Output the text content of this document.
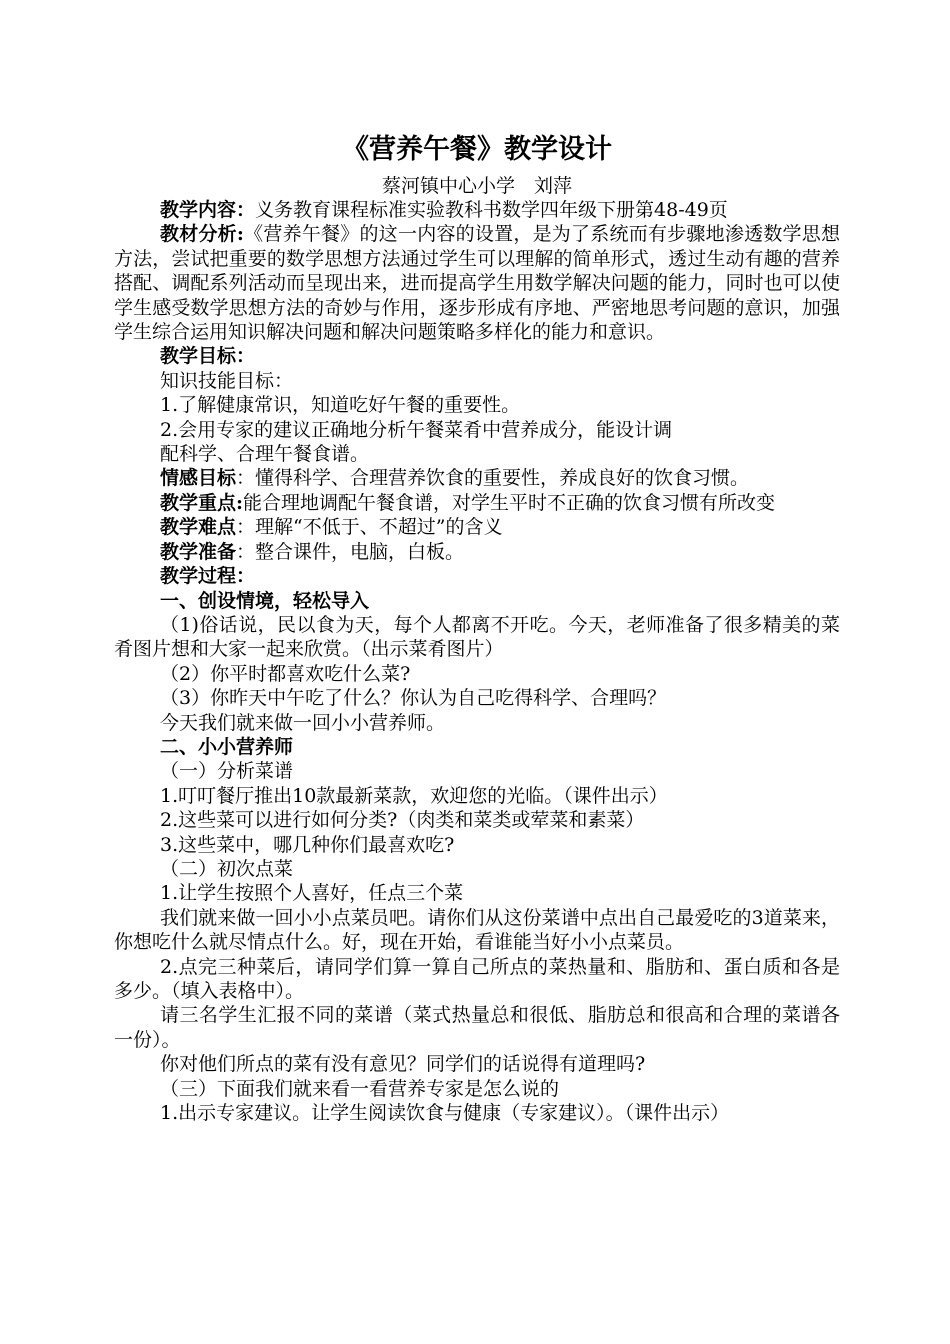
《营养午餐》教学设计
蔡河镇中心小学　刘萍

教学内容：义务教育课程标准实验教科书数学四年级下册第48-49页

教材分析:《营养午餐》的这一内容的设置，是为了系统而有步骤地渗透数学思想方法，尝试把重要的数学思想方法通过学生可以理解的简单形式，透过生动有趣的营养搭配、调配系列活动而呈现出来，进而提高学生用数学解决问题的能力，同时也可以使学生感受数学思想方法的奇妙与作用，逐步形成有序地、严密地思考问题的意识，加强学生综合运用知识解决问题和解决问题策略多样化的能力和意识。

教学目标：

知识技能目标：

1.了解健康常识，知道吃好午餐的重要性。

2.会用专家的建议正确地分析午餐菜肴中营养成分，能设计调

配科学、合理午餐食谱。

情感目标：懂得科学、合理营养饮食的重要性，养成良好的饮食习惯。

教学重点:能合理地调配午餐食谱，对学生平时不正确的饮食习惯有所改变

教学难点：理解“不低于、不超过”的含义

教学准备：整合课件，电脑，白板。

教学过程：

一、创设情境，轻松导入

（1)俗话说，民以食为天，每个人都离不开吃。今天，老师准备了很多精美的菜肴图片想和大家一起来欣赏。（出示菜肴图片）

（2）你平时都喜欢吃什么菜?

（3）你昨天中午吃了什么？你认为自己吃得科学、合理吗？

今天我们就来做一回小小营养师。

二、小小营养师

（一）分析菜谱

1.叮叮餐厅推出10款最新菜款，欢迎您的光临。（课件出示）

2.这些菜可以进行如何分类?（肉类和菜类或荤菜和素菜）

3.这些菜中，哪几种你们最喜欢吃?

（二）初次点菜

1.让学生按照个人喜好，任点三个菜

我们就来做一回小小点菜员吧。请你们从这份菜谱中点出自己最爱吃的3道菜来，你想吃什么就尽情点什么。好，现在开始，看谁能当好小小点菜员。

2.点完三种菜后，请同学们算一算自己所点的菜热量和、脂肪和、蛋白质和各是多少。（填入表格中）。

请三名学生汇报不同的菜谱（菜式热量总和很低、脂肪总和很高和合理的菜谱各一份）。

你对他们所点的菜有没有意见？同学们的话说得有道理吗?

（三）下面我们就来看一看营养专家是怎么说的

1.出示专家建议。让学生阅读饮食与健康（专家建议）。（课件出示）
